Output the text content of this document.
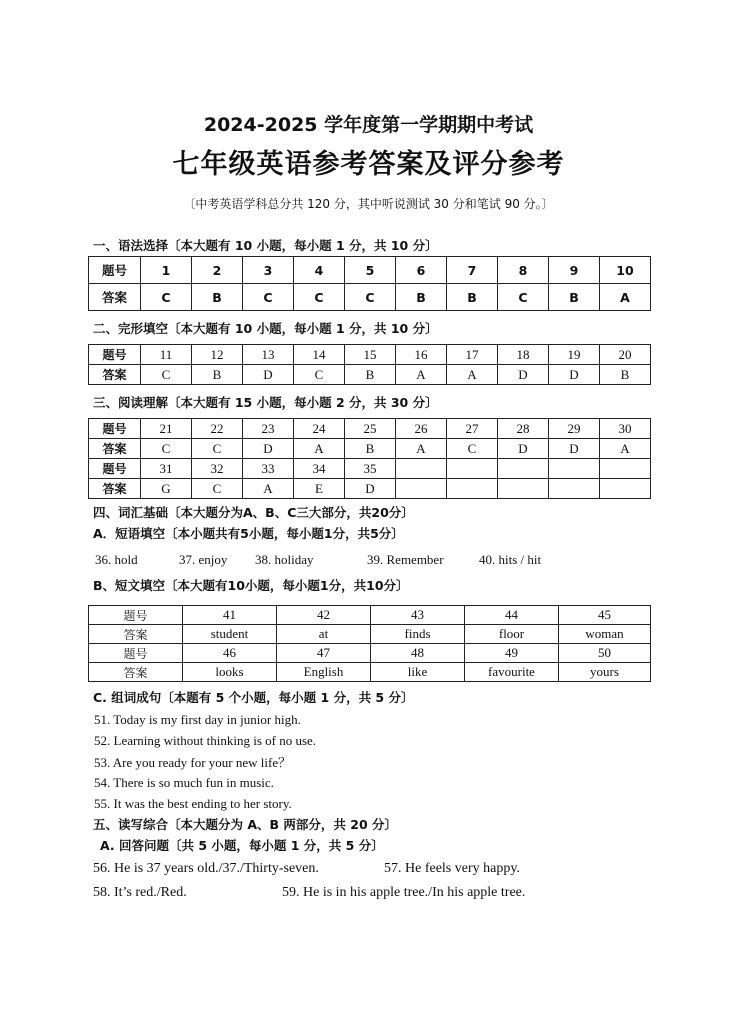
2024-2025 学年度第一学期期中考试
七年级英语参考答案及评分参考
〔中考英语学科总分共 120 分，其中听说测试 30 分和笔试 90 分。〕
一、语法选择〔本大题有 10 小题，每小题 1 分，共 10 分〕
题号	1	2	3	4	5	6	7	8	9	10
答案	C	B	C	C	C	B	B	C	B	A
二、完形填空〔本大题有 10 小题，每小题 1 分，共 10 分〕
题号	11	12	13	14	15	16	17	18	19	20
答案	C	B	D	C	B	A	A	D	D	B
三、阅读理解〔本大题有 15 小题，每小题 2 分，共 30 分〕
题号	21	22	23	24	25	26	27	28	29	30
答案	C	C	D	A	B	A	C	D	D	A
题号	31	32	33	34	35					
答案	G	C	A	E	D					
四、词汇基础〔本大题分为A、B、C三大部分，共20分〕
A．短语填空〔本小题共有5小题，每小题1分，共5分〕
36. hold	37. enjoy 38. holiday	39. Remember	40. hits / hit
B、短文填空〔本大题有10小题，每小题1分，共10分〕
题号	41	42	43	44	45
答案	student	at	finds	floor	woman
题号	46	47	48	49	50
答案	looks	English	like	favourite	yours
C. 组词成句〔本题有 5 个小题，每小题 1 分，共 5 分〕
51. Today is my first day in junior high.
52. Learning without thinking is of no use.
53. Are you ready for your new life？
54. There is so much fun in music.
55. It was the best ending to her story.
五、读写综合〔本大题分为 A、B 两部分，共 20 分〕
A. 回答问题〔共 5 小题，每小题 1 分，共 5 分〕
56. He is 37 years old./37./Thirty-seven.	57. He feels very happy.
58. It’s red./Red.	59. He is in his apple tree./In his apple tree.
